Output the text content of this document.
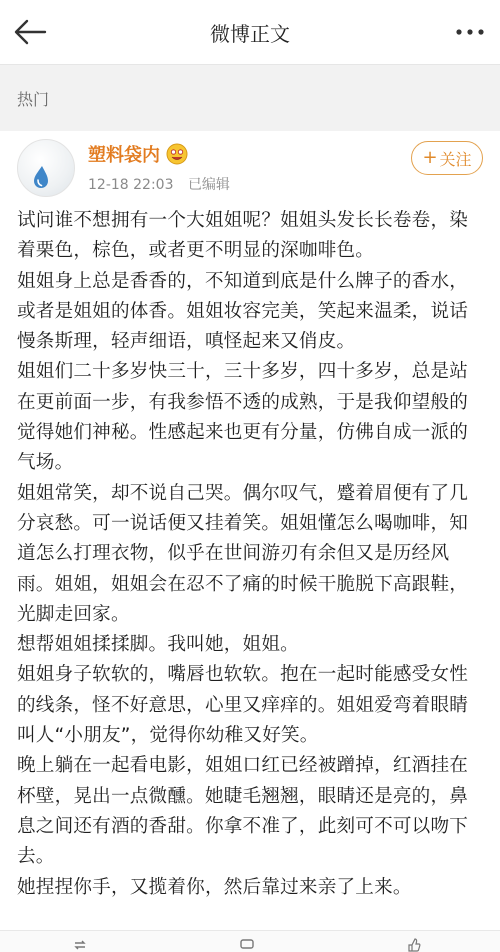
微博正文
热门
塑料袋内
12-18 22:03 已编辑
+ 关注

试问谁不想拥有一个大姐姐呢？姐姐头发长长卷卷，染着栗色，棕色，或者更不明显的深咖啡色。

姐姐身上总是香香的，不知道到底是什么牌子的香水，或者是姐姐的体香。姐姐妆容完美，笑起来温柔，说话慢条斯理，轻声细语，嗔怪起来又俏皮。

姐姐们二十多岁快三十，三十多岁，四十多岁，总是站在更前面一步，有我参悟不透的成熟，于是我仰望般的觉得她们神秘。性感起来也更有分量，仿佛自成一派的气场。

姐姐常笑，却不说自己哭。偶尔叹气，蹙着眉便有了几分哀愁。可一说话便又挂着笑。姐姐懂怎么喝咖啡，知道怎么打理衣物，似乎在世间游刃有余但又是历经风雨。姐姐，姐姐会在忍不了痛的时候干脆脱下高跟鞋，光脚走回家。

想帮姐姐揉揉脚。我叫她，姐姐。

姐姐身子软软的，嘴唇也软软。抱在一起时能感受女性的线条，怪不好意思，心里又痒痒的。姐姐爱弯着眼睛叫人“小朋友”，觉得你幼稚又好笑。

晚上躺在一起看电影，姐姐口红已经被蹭掉，红酒挂在杯壁，晃出一点微醺。她睫毛翘翘，眼睛还是亮的，鼻息之间还有酒的香甜。你拿不准了，此刻可不可以吻下去。

她捏捏你手，又揽着你，然后靠过来亲了上来。
